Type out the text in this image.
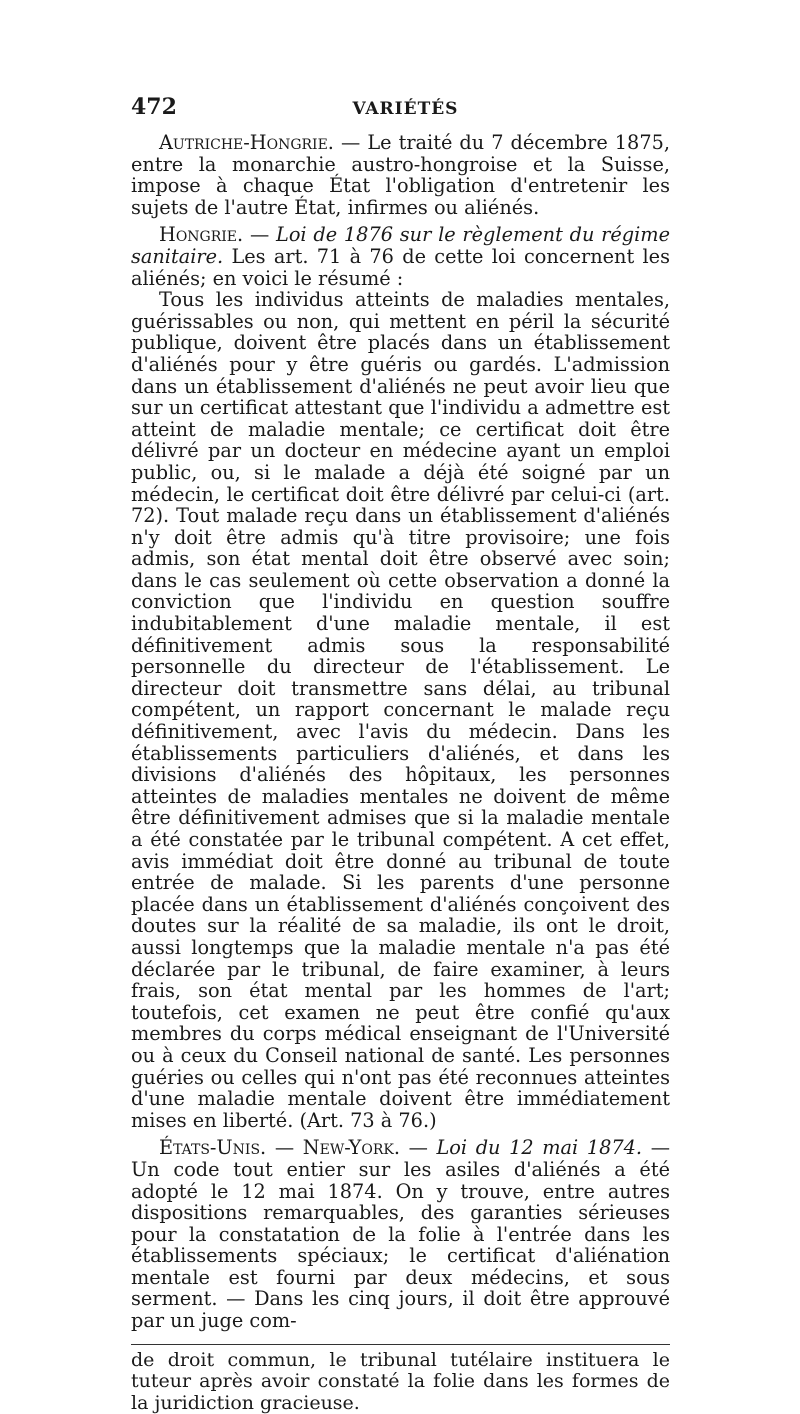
472	VARIÉTÉS

Autriche-Hongrie. — Le traité du 7 décembre 1875, entre la monarchie austro-hongroise et la Suisse, impose à chaque État l'obligation d'entretenir les sujets de l'autre État, infirmes ou aliénés.

Hongrie. — Loi de 1876 sur le règlement du régime sanitaire. Les art. 71 à 76 de cette loi concernent les aliénés; en voici le résumé :

Tous les individus atteints de maladies mentales, guérissables ou non, qui mettent en péril la sécurité publique, doivent être placés dans un établissement d'aliénés pour y être guéris ou gardés. L'admission dans un établissement d'aliénés ne peut avoir lieu que sur un certificat attestant que l'individu a admettre est atteint de maladie mentale; ce certificat doit être délivré par un docteur en médecine ayant un emploi public, ou, si le malade a déjà été soigné par un médecin, le certificat doit être délivré par celui-ci (art. 72). Tout malade reçu dans un établissement d'aliénés n'y doit être admis qu'à titre provisoire; une fois admis, son état mental doit être observé avec soin; dans le cas seulement où cette observation a donné la conviction que l'individu en question souffre indubitablement d'une maladie mentale, il est définitivement admis sous la responsabilité personnelle du directeur de l'établissement. Le directeur doit transmettre sans délai, au tribunal compétent, un rapport concernant le malade reçu définitivement, avec l'avis du médecin. Dans les établissements particuliers d'aliénés, et dans les divisions d'aliénés des hôpitaux, les personnes atteintes de maladies mentales ne doivent de même être définitivement admises que si la maladie mentale a été constatée par le tribunal compétent. A cet effet, avis immédiat doit être donné au tribunal de toute entrée de malade. Si les parents d'une personne placée dans un établissement d'aliénés conçoivent des doutes sur la réalité de sa maladie, ils ont le droit, aussi longtemps que la maladie mentale n'a pas été déclarée par le tribunal, de faire examiner, à leurs frais, son état mental par les hommes de l'art; toutefois, cet examen ne peut être confié qu'aux membres du corps médical enseignant de l'Université ou à ceux du Conseil national de santé. Les personnes guéries ou celles qui n'ont pas été reconnues atteintes d'une maladie mentale doivent être immédiatement mises en liberté. (Art. 73 à 76.)

États-Unis. — New-York. — Loi du 12 mai 1874. — Un code tout entier sur les asiles d'aliénés a été adopté le 12 mai 1874. On y trouve, entre autres dispositions remarquables, des garanties sérieuses pour la constatation de la folie à l'entrée dans les établissements spéciaux; le certificat d'aliénation mentale est fourni par deux médecins, et sous serment. — Dans les cinq jours, il doit être approuvé par un juge com-

de droit commun, le tribunal tutélaire instituera le tuteur après avoir constaté la folie dans les formes de la juridiction gracieuse.
